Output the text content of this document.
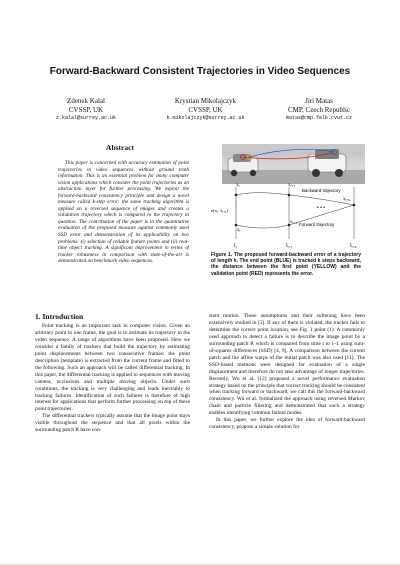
Forward-Backward Consistent Trajectories in Video Sequences
Zdenek Kalal
CVSSP, UK
z.kalal@surrey.ac.uk
Krystian Mikolajczyk
CVSSP, UK
k.mikolajczyk@surrey.ac.uk
Jiri Matas
CMP, Czech Republic
matas@cmp.felk.cvut.cz
Abstract

This paper is concerned with accuracy estimation of point trajectories in video sequences without ground truth information. This is an essential problem for many computer vision applications which consider the point trajectories as an abstraction layer for further processing. We exploit the forward-backward consistency principle and design a novel measure called k-step error: the same tracking algorithm is applied on a reversed sequence of images and creates a validation trajectory which is compared to the trajectory in question. The contribution of the paper is in the quantitative evaluation of the proposed measure against commonly used SSD error and demonstration of its applicability on two problems: (i) selection of reliable feature points and (ii) real-time object tracking. A significant improvement in terms of tracker robustness in comparison with state-of-the-art is demonstrated on benchmark video sequences.

$x̂_t$	$x̂_{t+1}$
$x_t$
$x_{t+1}$
$x_{t+k}$
$e(x_t$, $x̂_{t+1}$)
Backward trajectory
Forward trajectory
• • •
$I_t$	$I_{t+1}$	$I_{t+k}$
Figure 1. The proposed forward-backward error of a trajectory of length k. The end point (BLUE) is tracked k steps backward, the distance between the first point (YELLOW) and the validation point (RED) represents the error.
1. Introduction

Point tracking is an important task in computer vision. Given an arbitrary point in one frame, the goal is to estimate its trajectory in the video sequence. A range of algorithms have been proposed. Here we consider a family of trackers that build the trajectory by estimating point displacements between two consecutive frames: the point description (template) is extracted from the current frame and fitted to the following. Such an approach will be called differential tracking. In this paper, the differential tracking is applied to sequences with moving camera, occlusions and multiple moving objects. Under such conditions, the tracking is very challenging and leads inevitably to tracking failures. Identification of such failures is therefore of high interest for applications that perform further processing on top of these point trajectories.

The differential trackers typically assume that the image point stays visible throughout the sequence and that all pixels within the surrounding patch R have con-

stant motion. These assumptions and their softening have been extensively studied in [3]. If any of them is violated, the tracker fails to determine the correct point location, see Fig. 1 point (1). A commonly used approach to detect a failure is to describe the image point by a surrounding patch R which is compared from time t to t−1 using sum-of-squares differences (SSD) [4, 9]. A comparison between the current patch and the affine warps of the initial patch was also used [11]. The SSD-based methods were designed for evaluation of a single displacement and therefore do not take advantage of longer trajectories. Recently, Wu et al. [12] proposed a novel performance evaluation strategy based on the principle that correct tracking should be consistent when tracking forward or backward, we call this the forward-backward consistency. Wu et al. formalized the approach using reversed Markov chain and particle filtering and demonstrated that such a strategy enables identifying common failure modes.

In this paper, we further explore the idea of forward-backward consistency, propose a simple solution for
